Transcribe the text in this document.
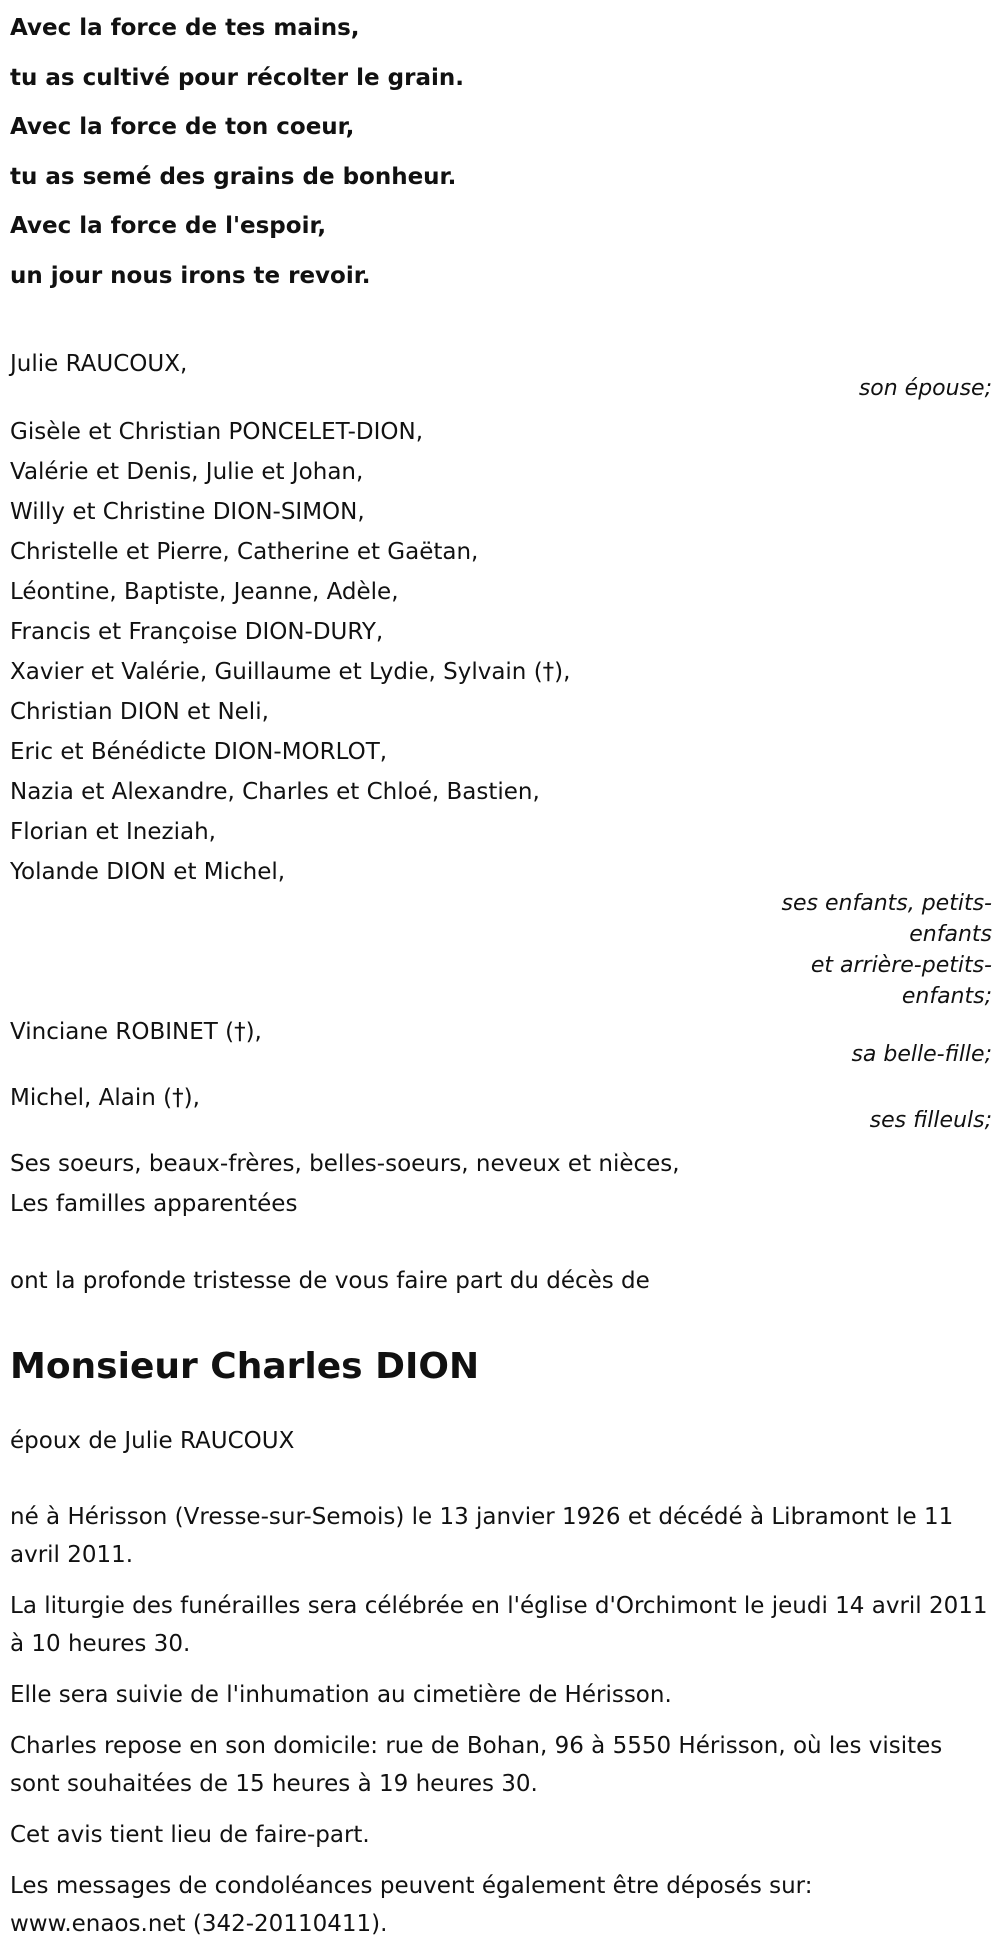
Avec la force de tes mains,
tu as cultivé pour récolter le grain.
Avec la force de ton coeur,
tu as semé des grains de bonheur.
Avec la force de l'espoir,
un jour nous irons te revoir.
Julie RAUCOUX,
son épouse;
Gisèle et Christian PONCELET-DION,
Valérie et Denis, Julie et Johan,
Willy et Christine DION-SIMON,
Christelle et Pierre, Catherine et Gaëtan,
Léontine, Baptiste, Jeanne, Adèle,
Francis et Françoise DION-DURY,
Xavier et Valérie, Guillaume et Lydie, Sylvain (†),
Christian DION et Neli,
Eric et Bénédicte DION-MORLOT,
Nazia et Alexandre, Charles et Chloé, Bastien,
Florian et Ineziah,
Yolande DION et Michel,
ses enfants, petits-
enfants
et arrière-petits-
enfants;
Vinciane ROBINET (†),
sa belle-fille;
Michel, Alain (†),
ses filleuls;
Ses soeurs, beaux-frères, belles-soeurs, neveux et nièces,
Les familles apparentées
ont la profonde tristesse de vous faire part du décès de
Monsieur Charles DION
époux de Julie RAUCOUX
né à Hérisson (Vresse-sur-Semois) le 13 janvier 1926 et décédé à Libramont le 11 avril 2011.
La liturgie des funérailles sera célébrée en l'église d'Orchimont le jeudi 14 avril 2011 à 10 heures 30.
Elle sera suivie de l'inhumation au cimetière de Hérisson.
Charles repose en son domicile: rue de Bohan, 96 à 5550 Hérisson, où les visites sont souhaitées de 15 heures à 19 heures 30.
Cet avis tient lieu de faire-part.
Les messages de condoléances peuvent également être déposés sur: www.enaos.net (342-20110411).
